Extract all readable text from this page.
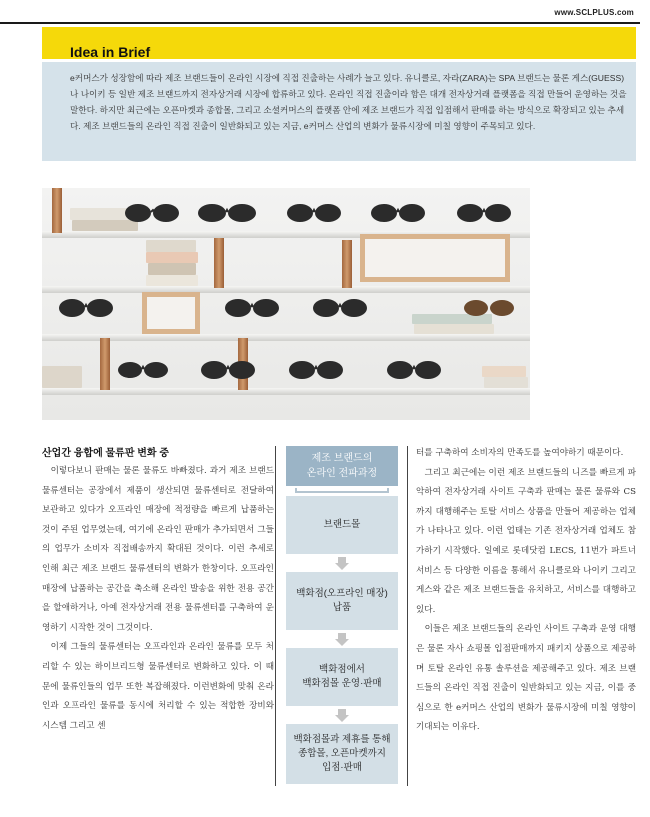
www.SCLPLUS.com
Idea in Brief
e커머스가 성장함에 따라 제조 브랜드들이 온라인 시장에 직접 진출하는 사례가 늘고 있다. 유니클로, 자라(ZARA)는 SPA 브랜드는 물론 게스(GUESS)나 나이키 등 일반 제조 브랜드까지 전자상거래 시장에 합류하고 있다. 온라인 직접 진출이라 함은 대개 전자상거래 플랫폼을 직접 만들어 운영하는 것을 말한다. 하지만 최근에는 오픈마켓과 종합몰, 그리고 소셜커머스의 플랫폼 안에 제조 브랜드가 직접 입점해서 판매를 하는 방식으로 확장되고 있는 추세다. 제조 브랜드들의 온라인 직접 진출이 일반화되고 있는 지금, e커머스 산업의 변화가 물류시장에 미칠 영향이 주목되고 있다.
산업간 융합에 물류판 변화 중

이렇다보니 판매는 물론 물류도 바빠졌다. 과거 제조 브랜드 물류센터는 공장에서 제품이 생산되면 물류센터로 전달하여 보관하고 있다가 오프라인 매장에 적정량을 빠르게 납품하는 것이 주된 업무였는데, 여기에 온라인 판매가 추가되면서 그들의 업무가 소비자 직접배송까지 확대된 것이다. 이런 추세로 인해 최근 제조 브랜드 물류센터의 변화가 한창이다. 오프라인 매장에 납품하는 공간을 축소해 온라인 발송을 위한 전용 공간을 할애하거나, 아예 전자상거래 전용 물류센터를 구축하여 운영하기 시작한 것이 그것이다.

이제 그들의 물류센터는 오프라인과 온라인 물류를 모두 처리할 수 있는 하이브리드형 물류센터로 변화하고 있다. 이 때문에 물류인들의 업무 또한 복잡해졌다. 이런변화에 맞춰 온라인과 오프라인 물류를 동시에 처리할 수 있는 적합한 장비와 시스템 그리고 센

제조 브랜드의
온라인 전파과정
브랜드몰
백화점(오프라인 매장)
납품
백화점에서
백화점몰 운영·판매
백화점몰과 제휴를 통해
종합몰, 오픈마켓까지
입점·판매

터를 구축하여 소비자의 만족도를 높여야하기 때문이다.

그리고 최근에는 이런 제조 브랜드들의 니즈를 빠르게 파악하여 전자상거래 사이트 구축과 판매는 물론 물류와 CS까지 대행해주는 토탈 서비스 상품을 만들어 제공하는 업체가 나타나고 있다. 이런 업태는 기존 전자상거래 업체도 참가하기 시작했다. 일예로 롯데닷컴 LECS, 11번가 파트너서비스 등 다양한 이름을 통해서 유니클로와 나이키 그리고 게스와 같은 제조 브랜드들을 유치하고, 서비스를 대행하고 있다.

이들은 제조 브랜드들의 온라인 사이트 구축과 운영 대행은 물론 자사 쇼핑몰 입점판매까지 패키지 상품으로 제공하며 토탈 온라인 유통 솔루션을 제공해주고 있다. 제조 브랜드들의 온라인 직접 진출이 일반화되고 있는 지금, 이를 중심으로 한 e커머스 산업의 변화가 물류시장에 미칠 영향이 기대되는 이유다.
